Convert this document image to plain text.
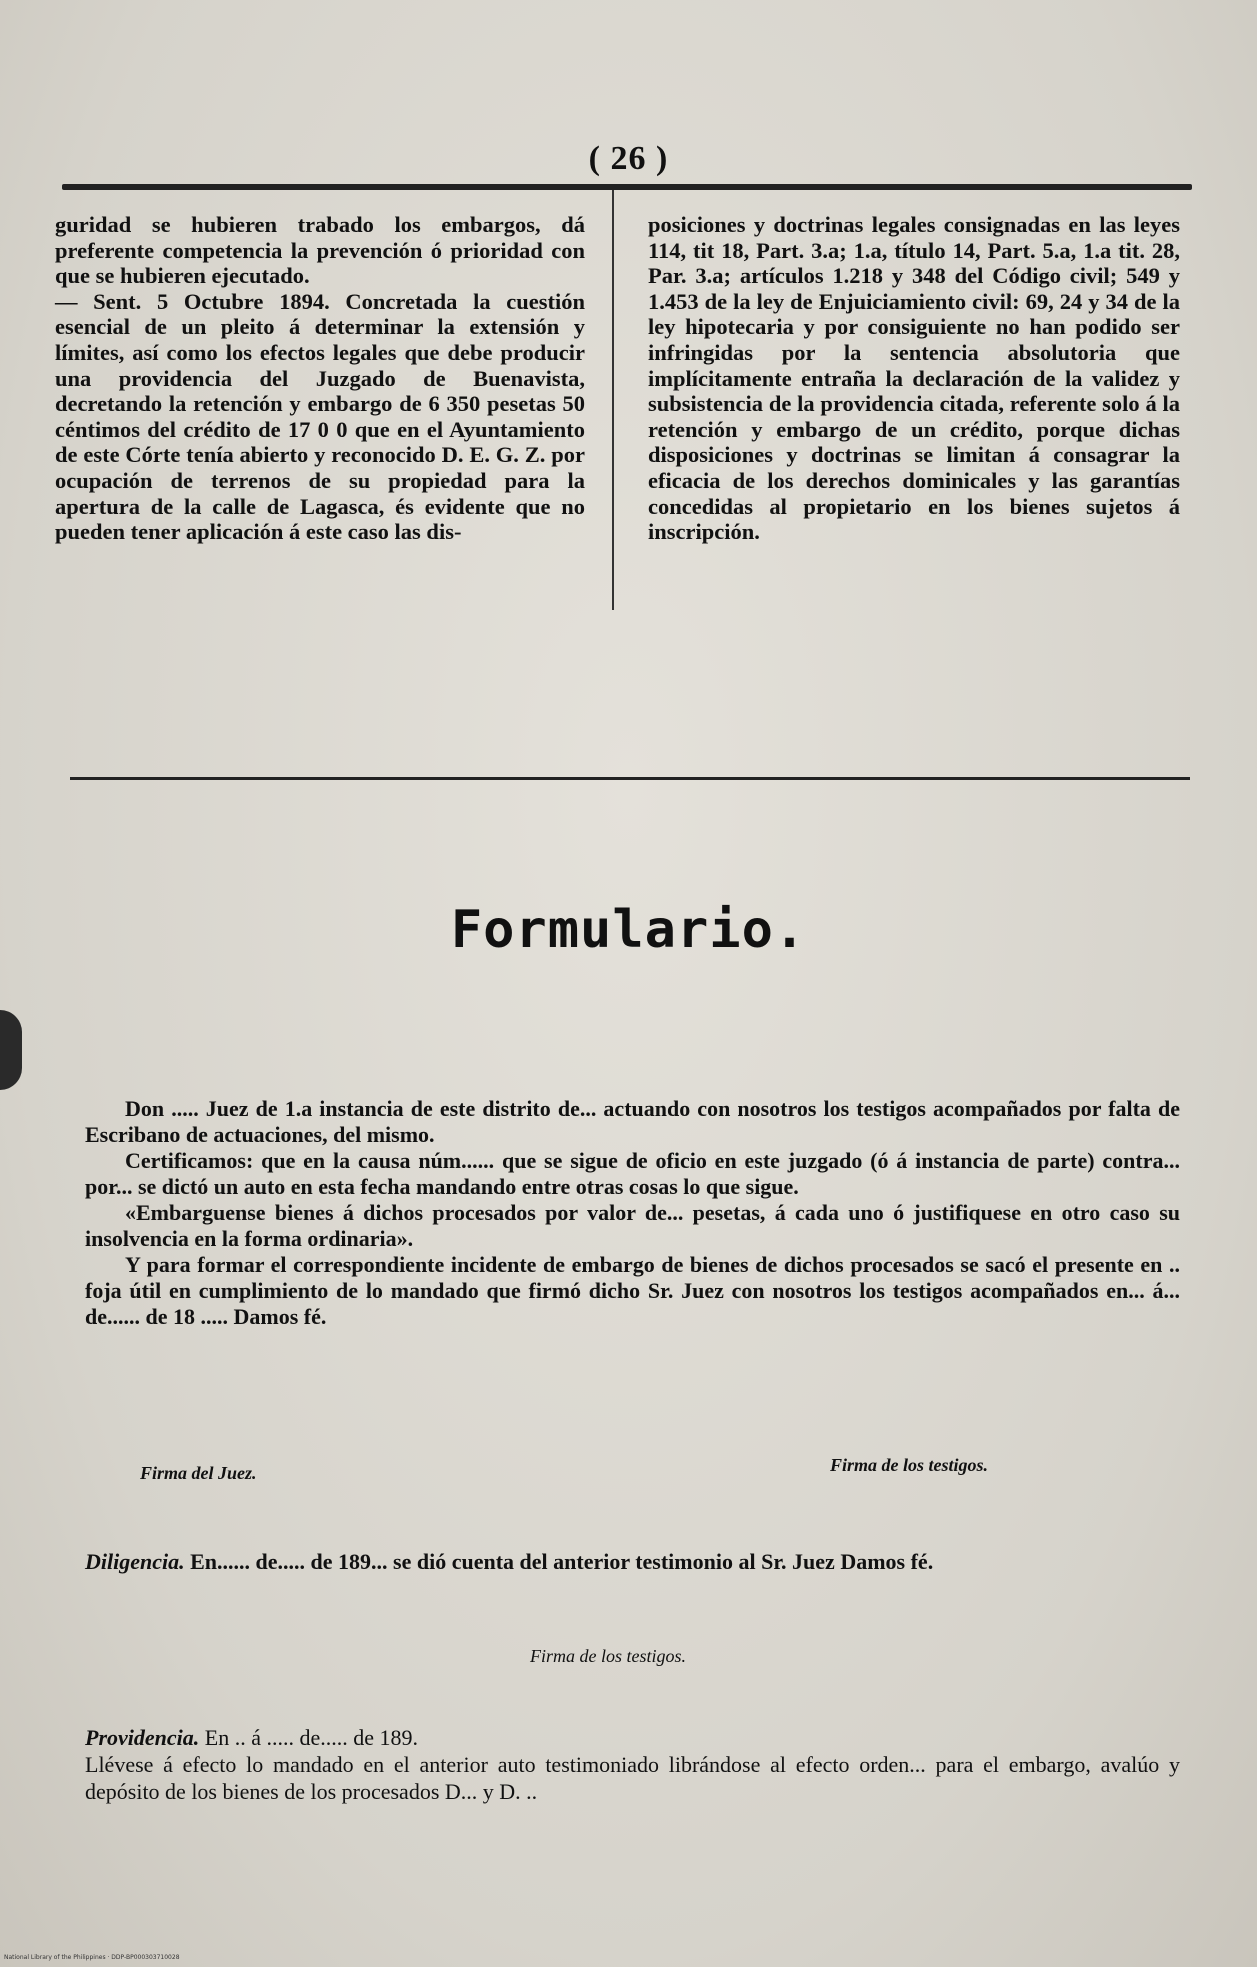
( 26 )

guridad se hubieren trabado los embargos, dá preferente competencia la prevención ó prioridad con que se hubieren ejecutado.

— Sent. 5 Octubre 1894. Concretada la cuestión esencial de un pleito á determinar la extensión y límites, así como los efectos legales que debe producir una providencia del Juzgado de Buenavista, decretando la retención y embargo de 6 350 pesetas 50 céntimos del crédito de 17 0 0 que en el Ayuntamiento de este Córte tenía abierto y reconocido D. E. G. Z. por ocupación de terrenos de su propiedad para la apertura de la calle de Lagasca, és evidente que no pueden tener aplicación á este caso las dis-

posiciones y doctrinas legales consignadas en las leyes 114, tit 18, Part. 3.a; 1.a, título 14, Part. 5.a, 1.a tit. 28, Par. 3.a; artículos 1.218 y 348 del Código civil; 549 y 1.453 de la ley de Enjuiciamiento civil: 69, 24 y 34 de la ley hipotecaria y por consiguiente no han podido ser infringidas por la sentencia absolutoria que implícitamente entraña la declaración de la validez y subsistencia de la providencia citada, referente solo á la retención y embargo de un crédito, porque dichas disposiciones y doctrinas se limitan á consagrar la eficacia de los derechos dominicales y las garantías concedidas al propietario en los bienes sujetos á inscripción.

Formulario.

Don ..... Juez de 1.a instancia de este distrito de... actuando con nosotros los testigos acompañados por falta de Escribano de actuaciones, del mismo.

Certificamos: que en la causa núm...... que se sigue de oficio en este juzgado (ó á instancia de parte) contra... por... se dictó un auto en esta fecha mandando entre otras cosas lo que sigue.

«Embarguense bienes á dichos procesados por valor de... pesetas, á cada uno ó justifiquese en otro caso su insolvencia en la forma ordinaria».

Y para formar el correspondiente incidente de embargo de bienes de dichos procesados se sacó el presente en .. foja útil en cumplimiento de lo mandado que firmó dicho Sr. Juez con nosotros los testigos acompañados en... á... de...... de 18 ..... Damos fé.

Firma del Juez.	Firma de los testigos.
Diligencia. En...... de..... de 189... se dió cuenta del anterior testimonio al Sr. Juez Damos fé.
Firma de los testigos.
Providencia. En .. á ..... de..... de 189.
Llévese á efecto lo mandado en el anterior auto testimoniado librándose al efecto orden... para el embargo, avalúo y depósito de los bienes de los procesados D... y D. ..
National Library of the Philippines · DDP-BP000303710028
